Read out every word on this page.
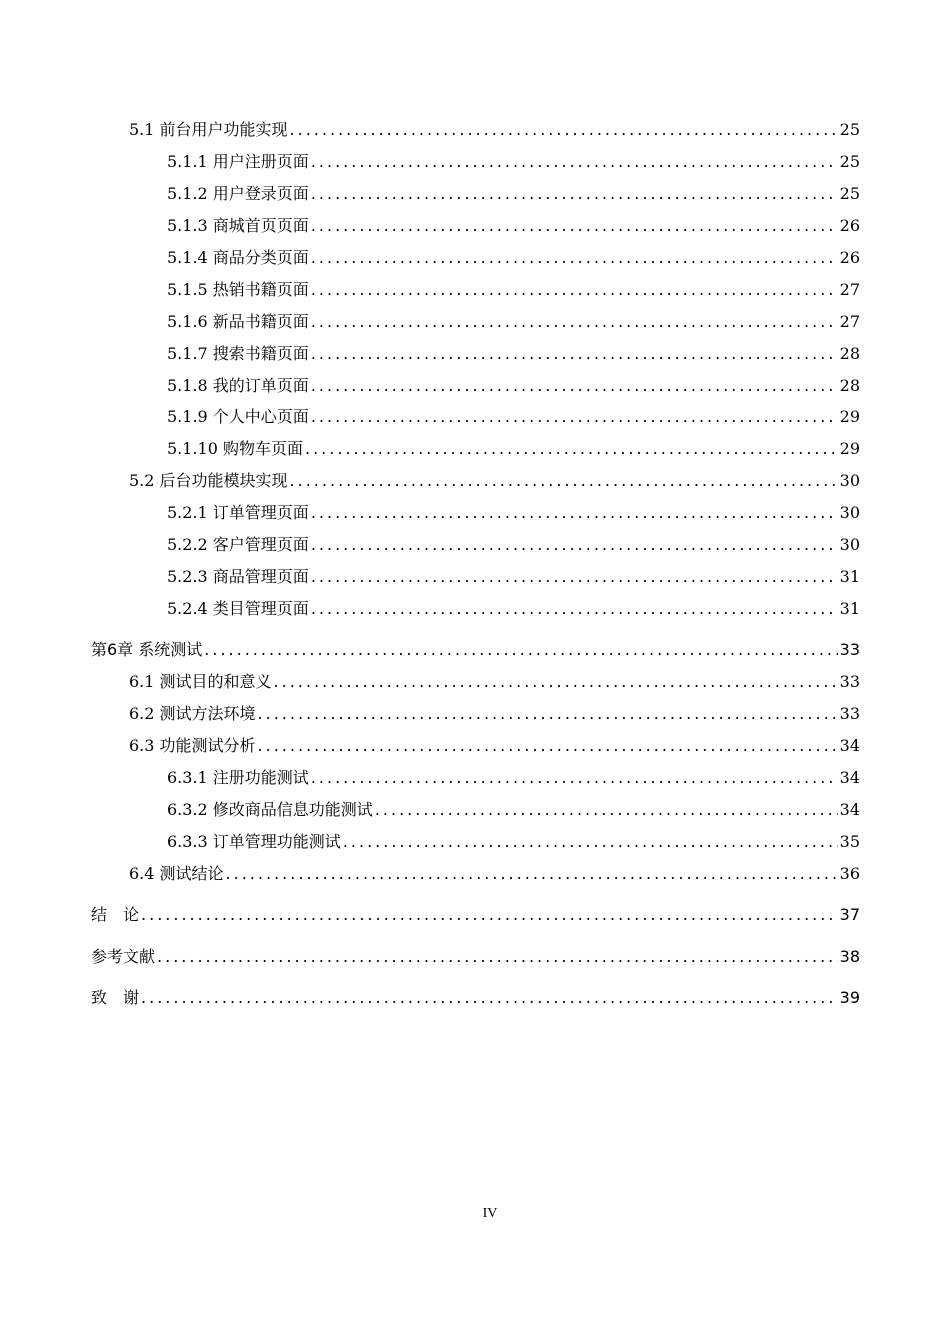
5.1 前台用户功能实现 .....	25
5.1.1 用户注册页面 .....	25
5.1.2 用户登录页面 .....	25
5.1.3 商城首页页面 .....	26
5.1.4 商品分类页面 .....	26
5.1.5 热销书籍页面 .....	27
5.1.6 新品书籍页面 .....	27
5.1.7 搜索书籍页面 .....	28
5.1.8 我的订单页面 .....	28
5.1.9 个人中心页面 .....	29
5.1.10 购物车页面 .....	29
5.2 后台功能模块实现 .....	30
5.2.1 订单管理页面 .....	30
5.2.2 客户管理页面 .....	30
5.2.3 商品管理页面 .....	31
5.2.4 类目管理页面 .....	31
第6章 系统测试 .....	33
6.1 测试目的和意义 .....	33
6.2 测试方法环境 .....	33
6.3 功能测试分析 .....	34
6.3.1 注册功能测试 .....	34
6.3.2 修改商品信息功能测试 .....	34
6.3.3 订单管理功能测试 .....	35
6.4 测试结论 .....	36
结　论 .....	37
参考文献 .....	38
致　谢 .....	39
IV
